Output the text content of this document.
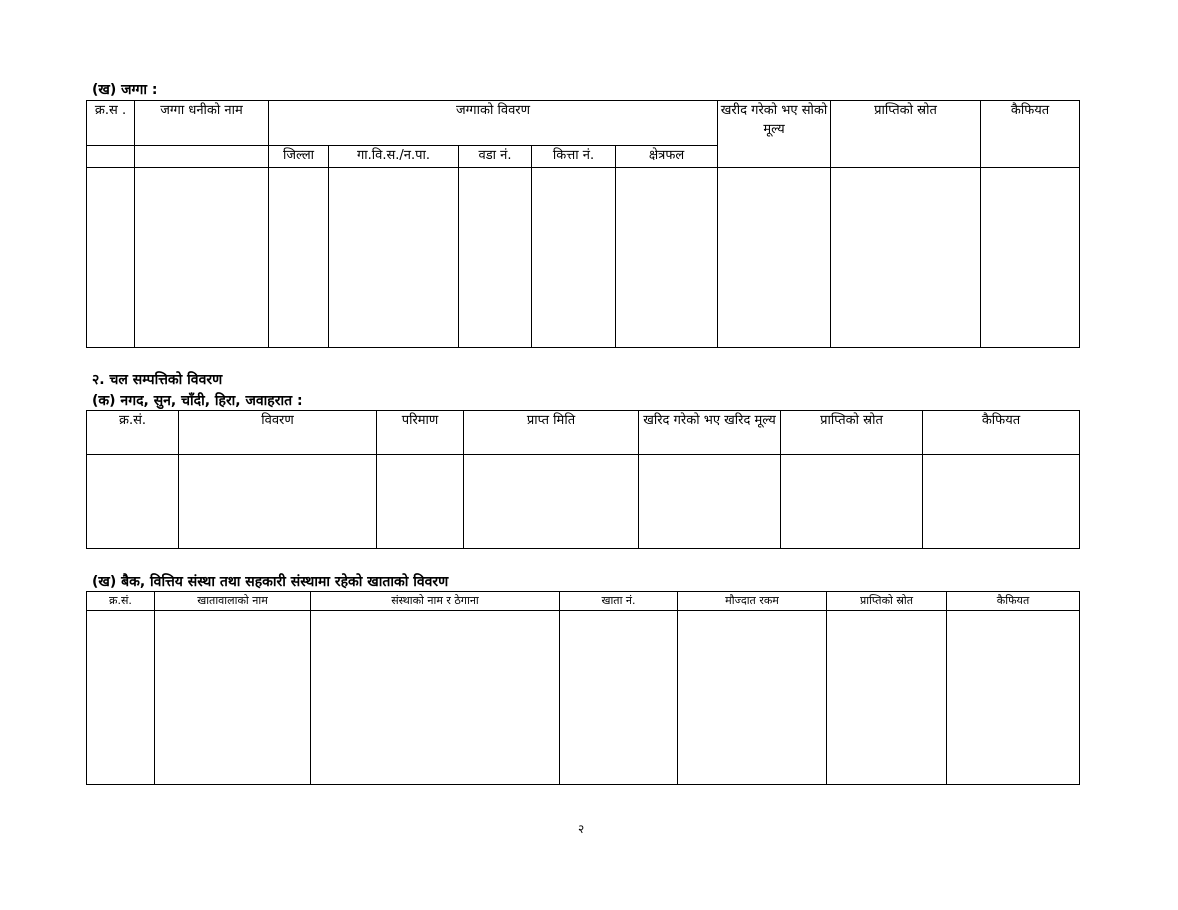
(ख) जग्गा :
क्र.स .	जग्गा धनीको नाम	जग्गाको विवरण					खरीद गरेको भए सोको मूल्य	प्राप्तिको स्रोत	कैफियत
		जिल्ला	गा.वि.स./न.पा.	वडा नं.	कित्ता नं.	क्षेत्रफल			

२. चल सम्पत्तिको विवरण
(क) नगद, सुन, चाँदी, हिरा, जवाहरात :
क्र.सं.	विवरण	परिमाण	प्राप्त मिति	खरिद गरेको भए खरिद मूल्य	प्राप्तिको स्रोत	कैफियत

(ख) बैक, वित्तिय संस्था तथा सहकारी संस्थामा रहेको खाताको विवरण
क्र.सं.	खातावालाको नाम	संस्थाको नाम र ठेगाना	खाता नं.	मौज्दात रकम	प्राप्तिको स्रोत	कैफियत

२
